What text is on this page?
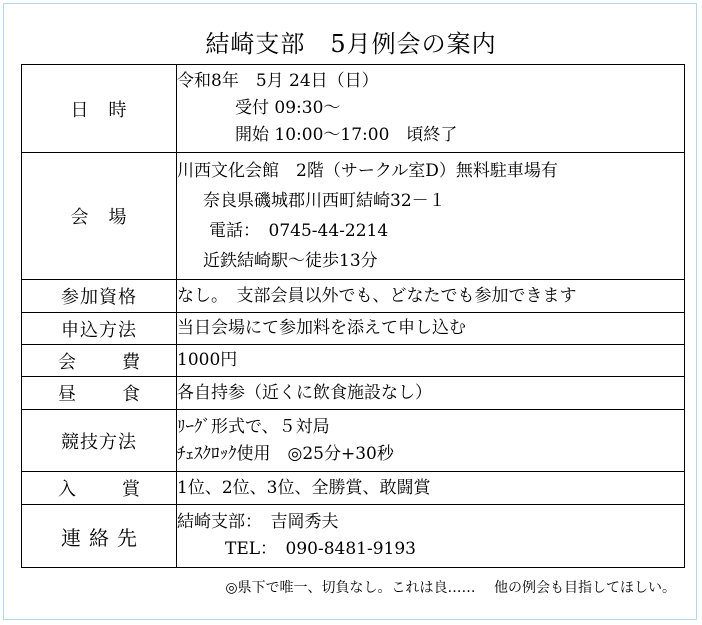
結崎支部　5月例会の案内
日　時	令和8年　5月 24日（日）
受付 09:30～
開始 10:00～17:00　頃終了

会　場	川西文化会館　2階（サークル室D）無料駐車場有
奈良県磯城郡川西町結崎32－１
電話：　0745-44-2214
近鉄結崎駅～徒歩13分

参加資格	なし。　支部会員以外でも、どなたでも参加できます

申込方法	当日会場にて参加料を添えて申し込む

会　費	1000円

昼　食	各自持参（近くに飲食施設なし）

競技方法	ﾘｰｸﾞ形式で、５対局
ﾁｪｽｸﾛｯｸ使用　◎25分+30秒

入　賞	1位、2位、3位、全勝賞、敢闘賞

連絡先	結崎支部：　吉岡秀夫
TEL：　090-8481-9193
◎県下で唯一、切負なし。これは良…… 　他の例会も目指してほしい。
